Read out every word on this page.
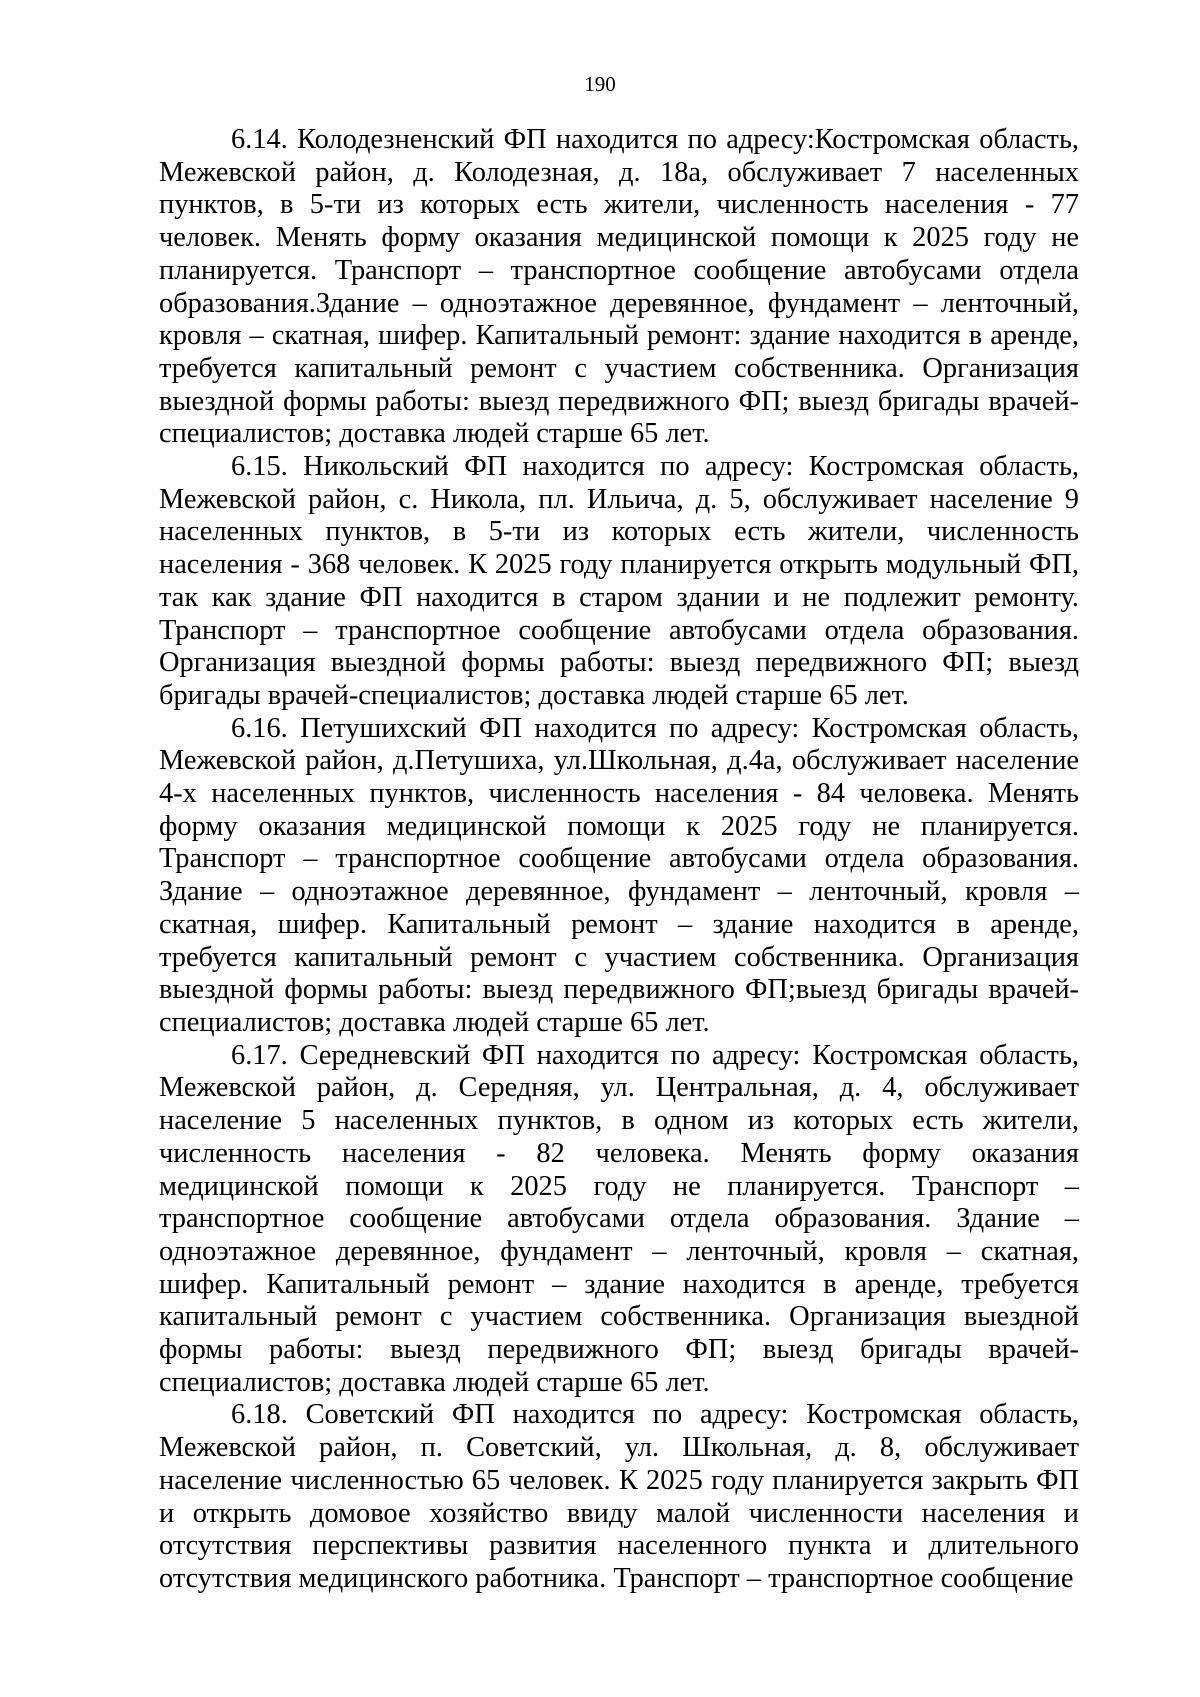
190

6.14. Колодезненский ФП находится по адресу:Костромская область, Межевской район, д. Колодезная, д. 18а, обслуживает 7 населенных пунктов, в 5-ти из которых есть жители, численность населения - 77 человек. Менять форму оказания медицинской помощи к 2025 году не планируется. Транспорт – транспортное сообщение автобусами отдела образования.Здание – одноэтажное деревянное, фундамент – ленточный, кровля – скатная, шифер. Капитальный ремонт: здание находится в аренде, требуется капитальный ремонт с участием собственника. Организация выездной формы работы: выезд передвижного ФП; выезд бригады врачей-специалистов; доставка людей старше 65 лет.

6.15. Никольский ФП находится по адресу: Костромская область, Межевской район, с. Никола, пл. Ильича, д. 5, обслуживает население 9 населенных пунктов, в 5-ти из которых есть жители, численность населения - 368 человек. К 2025 году планируется открыть модульный ФП, так как здание ФП находится в старом здании и не подлежит ремонту. Транспорт – транспортное сообщение автобусами отдела образования. Организация выездной формы работы: выезд передвижного ФП; выезд бригады врачей-специалистов; доставка людей старше 65 лет.

6.16. Петушихский ФП находится по адресу: Костромская область, Межевской район, д.Петушиха, ул.Школьная, д.4а, обслуживает население 4-х населенных пунктов, численность населения - 84 человека. Менять форму оказания медицинской помощи к 2025 году не планируется. Транспорт – транспортное сообщение автобусами отдела образования. Здание – одноэтажное деревянное, фундамент – ленточный, кровля – скатная, шифер. Капитальный ремонт – здание находится в аренде, требуется капитальный ремонт с участием собственника. Организация выездной формы работы: выезд передвижного ФП;выезд бригады врачей-специалистов; доставка людей старше 65 лет.

6.17. Середневский ФП находится по адресу: Костромская область, Межевской район, д. Середняя, ул. Центральная, д. 4, обслуживает население 5 населенных пунктов, в одном из которых есть жители, численность населения - 82 человека. Менять форму оказания медицинской помощи к 2025 году не планируется. Транспорт – транспортное сообщение автобусами отдела образования. Здание – одноэтажное деревянное, фундамент – ленточный, кровля – скатная, шифер. Капитальный ремонт – здание находится в аренде, требуется капитальный ремонт с участием собственника. Организация выездной формы работы: выезд передвижного ФП; выезд бригады врачей-специалистов; доставка людей старше 65 лет.

6.18. Советский ФП находится по адресу: Костромская область, Межевской район, п. Советский, ул. Школьная, д. 8, обслуживает население численностью 65 человек. К 2025 году планируется закрыть ФП и открыть домовое хозяйство ввиду малой численности населения и отсутствия перспективы развития населенного пункта и длительного отсутствия медицинского работника. Транспорт – транспортное сообщение
